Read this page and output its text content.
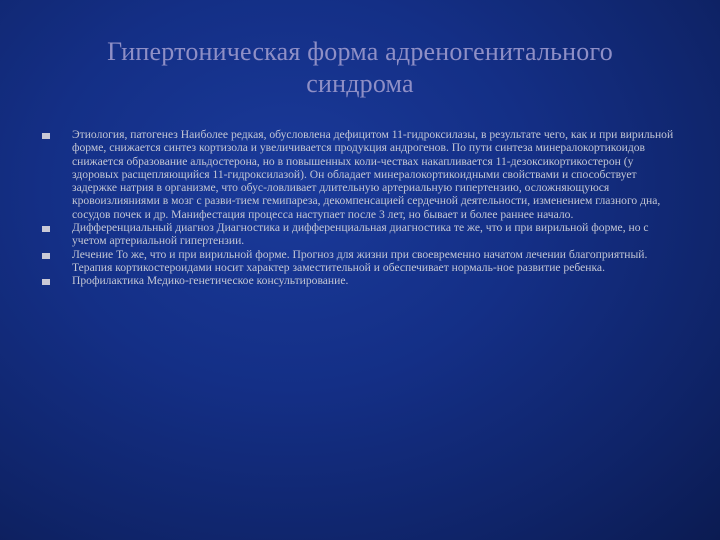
Гипертоническая форма адреногенитального
синдрома
Этиология, патогенез Наиболее редкая, обусловлена дефицитом 11-гидроксилазы, в результате чего, как и при вирильной форме, снижается синтез кортизола и увеличивается продукция андрогенов. По пути синтеза минералокортикоидов снижается образование альдостерона, но в повышенных коли-чествах накапливается 11-дезоксикортикостерон (у здоровых расщепляющийся 11-гидроксилазой). Он обладает минералокортикоидными свойствами и способствует задержке натрия в организме, что обус-ловливает длительную артериальную гипертензию, осложняющуюся кровоизлияниями в мозг с разви-тием гемипареза, декомпенсацией сердечной деятельности, изменением глазного дна, сосудов почек и др. Манифестация процесса наступает после 3 лет, но бывает и более раннее начало.
Дифференциальный диагноз Диагностика и дифференциальная диагностика те же, что и при вирильной форме, но с учетом артериальной гипертензии.
Лечение То же, что и при вирильной форме. Прогноз для жизни при своевременно начатом лечении благоприятный. Терапия кортикостероидами носит характер заместительной и обеспечивает нормаль-ное развитие ребенка.
Профилактика Медико-генетическое консультирование.
